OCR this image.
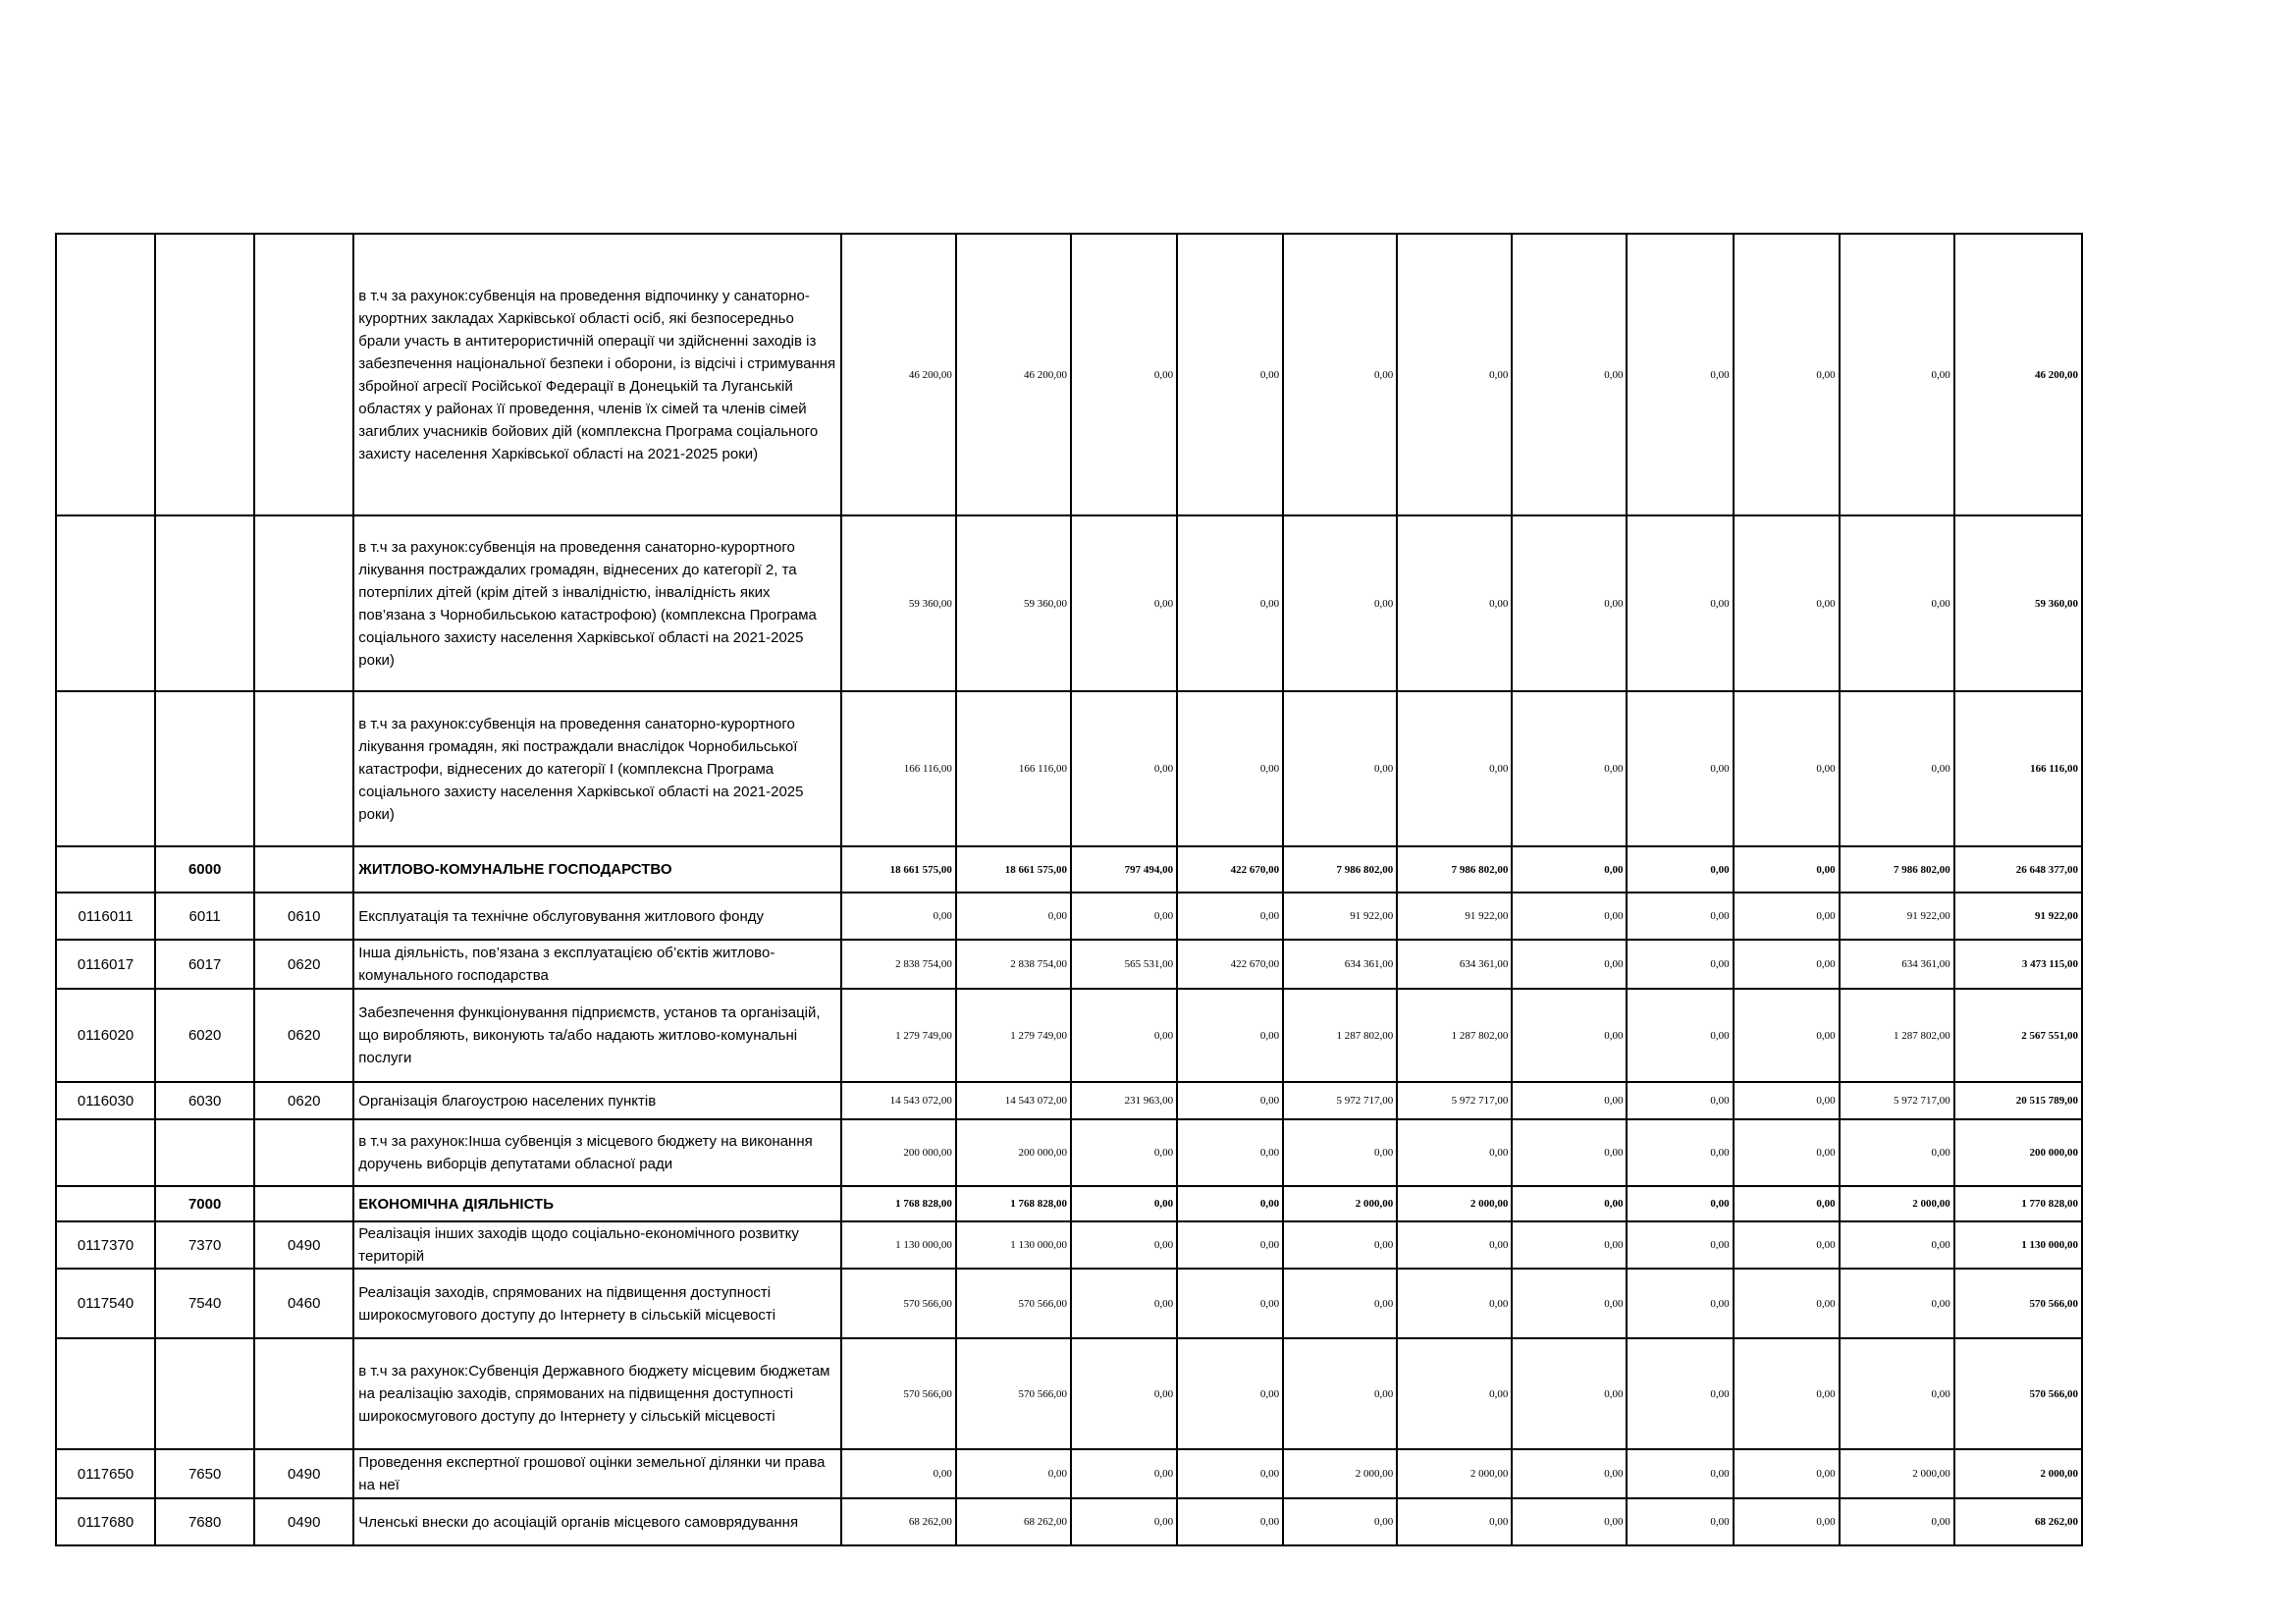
			в т.ч за рахунок:субвенція на проведення відпочинку у санаторно-курортних закладах Харківської області осіб, які безпосередньо брали участь в антитерористичній операції чи здійсненні заходів із забезпечення національної безпеки і оборони, із відсічі і стримування збройної агресії Російської Федерації в Донецькій та Луганській областях у районах її проведення, членів їх сімей та членів сімей загиблих учасників бойових дій (комплексна Програма соціального захисту населення Харківської області на 2021-2025 роки)	46 200,00	46 200,00	0,00	0,00	0,00	0,00	0,00	0,00	0,00	0,00	46 200,00
			в т.ч за рахунок:субвенція на проведення санаторно-курортного лікування постраждалих громадян, віднесених до категорії 2, та потерпілих дітей (крім дітей з інвалідністю, інвалідність яких пов’язана з Чорнобильською катастрофою) (комплексна Програма соціального захисту населення Харківської області на 2021-2025 роки)	59 360,00	59 360,00	0,00	0,00	0,00	0,00	0,00	0,00	0,00	0,00	59 360,00
			в т.ч за рахунок:субвенція на проведення санаторно-курортного лікування громадян, які постраждали внаслідок Чорнобильської катастрофи, віднесених до категорії I (комплексна Програма соціального захисту населення Харківської області на 2021-2025 роки)	166 116,00	166 116,00	0,00	0,00	0,00	0,00	0,00	0,00	0,00	0,00	166 116,00
	6000		ЖИТЛОВО-КОМУНАЛЬНЕ ГОСПОДАРСТВО	18 661 575,00	18 661 575,00	797 494,00	422 670,00	7 986 802,00	7 986 802,00	0,00	0,00	0,00	7 986 802,00	26 648 377,00
0116011	6011	0610	Експлуатація та технічне обслуговування житлового фонду	0,00	0,00	0,00	0,00	91 922,00	91 922,00	0,00	0,00	0,00	91 922,00	91 922,00
0116017	6017	0620	Інша діяльність, пов’язана з експлуатацією об’єктів житлово-комунального господарства	2 838 754,00	2 838 754,00	565 531,00	422 670,00	634 361,00	634 361,00	0,00	0,00	0,00	634 361,00	3 473 115,00
0116020	6020	0620	Забезпечення функціонування підприємств, установ та організацій, що виробляють, виконують та/або надають житлово-комунальні послуги	1 279 749,00	1 279 749,00	0,00	0,00	1 287 802,00	1 287 802,00	0,00	0,00	0,00	1 287 802,00	2 567 551,00
0116030	6030	0620	Організація благоустрою населених пунктів	14 543 072,00	14 543 072,00	231 963,00	0,00	5 972 717,00	5 972 717,00	0,00	0,00	0,00	5 972 717,00	20 515 789,00
			в т.ч за рахунок:Інша субвенція з місцевого бюджету на виконання доручень виборців депутатами обласної ради	200 000,00	200 000,00	0,00	0,00	0,00	0,00	0,00	0,00	0,00	0,00	200 000,00
	7000		ЕКОНОМІЧНА ДІЯЛЬНІСТЬ	1 768 828,00	1 768 828,00	0,00	0,00	2 000,00	2 000,00	0,00	0,00	0,00	2 000,00	1 770 828,00
0117370	7370	0490	Реалізація інших заходів щодо соціально-економічного розвитку територій	1 130 000,00	1 130 000,00	0,00	0,00	0,00	0,00	0,00	0,00	0,00	0,00	1 130 000,00
0117540	7540	0460	Реалізація заходів, спрямованих на підвищення доступності широкосмугового доступу до Інтернету в сільській місцевості	570 566,00	570 566,00	0,00	0,00	0,00	0,00	0,00	0,00	0,00	0,00	570 566,00
			в т.ч за рахунок:Субвенція Державного бюджету місцевим бюджетам на реалізацію заходів, спрямованих на підвищення доступності широкосмугового доступу до Інтернету у сільській місцевості	570 566,00	570 566,00	0,00	0,00	0,00	0,00	0,00	0,00	0,00	0,00	570 566,00
0117650	7650	0490	Проведення експертної грошової оцінки земельної ділянки чи права на неї	0,00	0,00	0,00	0,00	2 000,00	2 000,00	0,00	0,00	0,00	2 000,00	2 000,00
0117680	7680	0490	Членські внески до асоціацій органів місцевого самоврядування	68 262,00	68 262,00	0,00	0,00	0,00	0,00	0,00	0,00	0,00	0,00	68 262,00
